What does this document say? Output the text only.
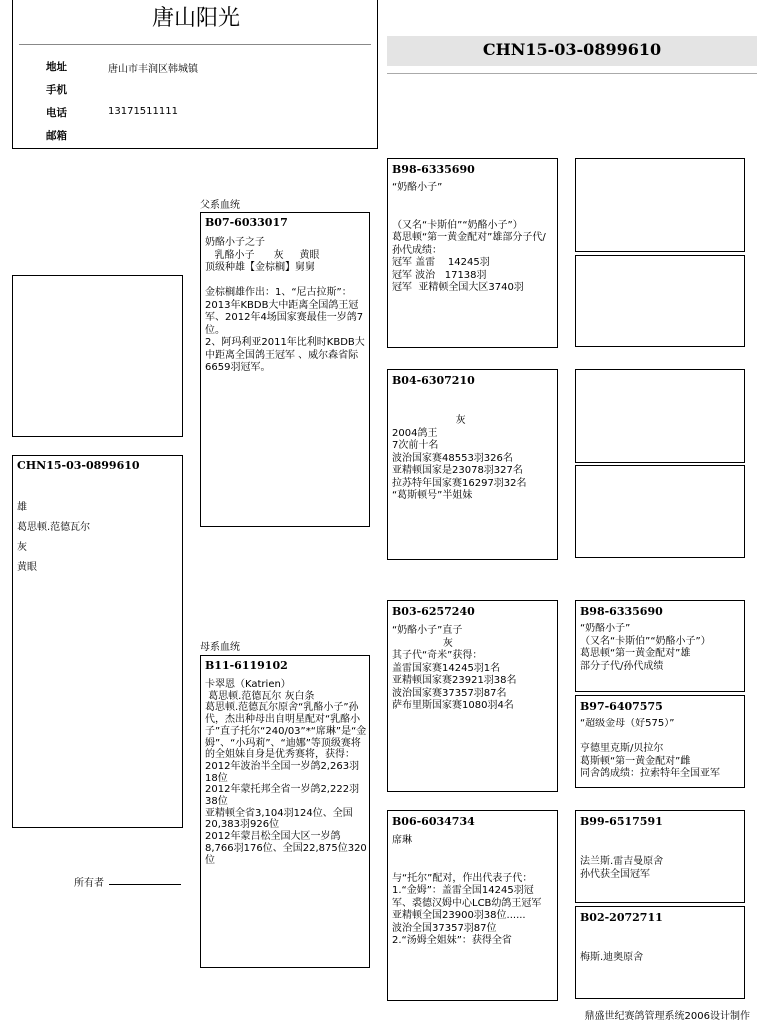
唐山阳光
地址	唐山市丰润区韩城镇
手机
电话	13171511111
邮箱
CHN15-03-0899610
CHN15-03-0899610
雄
葛思顿.范德瓦尔
灰
黄眼
所有者
父系血统
母系血统
B07-6033017
奶酪小子之子
乳酪小子      灰     黄眼
顶级种雄【金棕榈】舅舅

金棕榈雄作出：1、“尼古拉斯”：2013年KBDB大中距离全国鸽王冠军、2012年4场国家赛最佳一岁鸽7位。
2、阿玛利亚2011年比利时KBDB大中距离全国鸽王冠军 、威尔森省际6659羽冠军。
B11-6119102
卡翠恩（Katrien）
葛思顿.范德瓦尔 灰白条
葛思顿.范德瓦尔原舍“乳酪小子”孙代，杰出种母出自明星配对“乳酪小子”直子托尔“240/03”*“席琳”是“金姆”、“小玛莉”、“迪娜”等顶级赛将的全姐妹自身是优秀赛将，获得：
2012年波治半全国一岁鸽2,263羽18位
2012年蒙托邦全省一岁鸽2,222羽38位
亚精顿全省3,104羽124位、全国20,383羽926位
2012年蒙吕松全国大区一岁鸽8,766羽176位、全国22,875位320位
B98-6335690
“奶酪小子”

（又名“卡斯伯”“奶酪小子”）
葛思顿“第一黄金配对”雄部分子代/孙代成绩：
冠军 盖雷    14245羽
冠军 波治   17138羽
冠军  亚精顿全国大区3740羽
B04-6307210

灰
2004鸽王
7次前十名
波治国家赛48553羽326名
亚精顿国家是23078羽327名
拉苏特年国家赛16297羽32名
“葛斯顿号”半姐妹
B03-6257240
“奶酪小子”直子
灰
其子代“奇米”获得：
盖雷国家赛14245羽1名
亚精顿国家赛23921羽38名
波治国家赛37357羽87名
萨布里斯国家赛1080羽4名
B06-6034734
席琳

与“托尔”配对，作出代表子代：
1.“金姆”：盖雷全国14245羽冠军、裘德汉姆中心LCB幼鸽王冠军
亚精顿全国23900羽38位......
波治全国37357羽87位
2.“汤姆全姐妹”：获得全省
B98-6335690
“奶酪小子”
（又名“卡斯伯”“奶酪小子”）
葛思顿“第一黄金配对”雄
部分子代/孙代成绩
B97-6407575
“超级金母（好575）”

亨德里克斯/贝拉尔
葛斯顿“第一黄金配对”雌
同舍鸽成绩：拉索特年全国亚军
B99-6517591

法兰斯.雷吉曼原舍
孙代获全国冠军
B02-2072711

梅斯.迪奥原舍
鼎盛世纪赛鸽管理系统2006设计制作
